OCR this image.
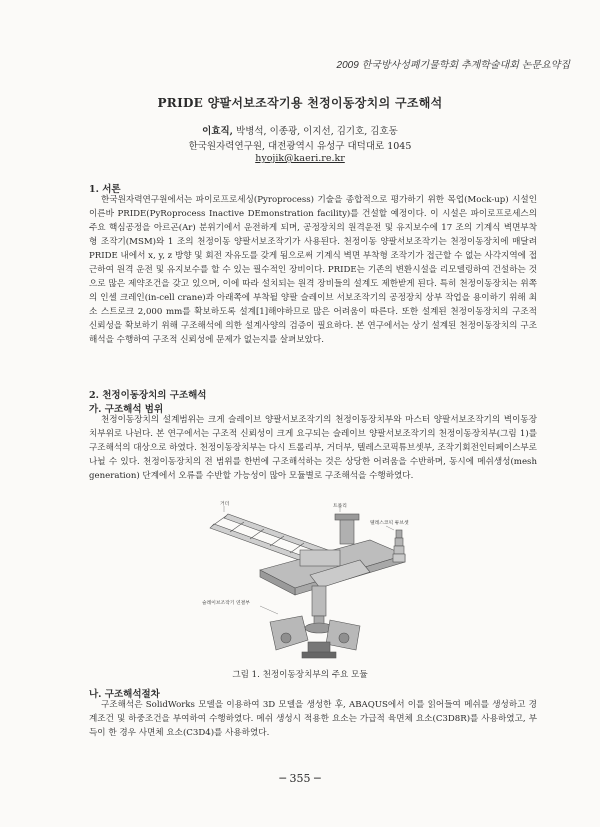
2009 한국방사성폐기물학회 추계학술대회 논문요약집
PRIDE 양팔서보조작기용 천정이동장치의 구조해석
이효직, 박병석, 이종광, 이지선, 김기호, 김호동
한국원자력연구원, 대전광역시 유성구 대덕대로 1045
hyojik@kaeri.re.kr
1. 서론

한국원자력연구원에서는 파이로프로세싱(Pyroprocess) 기술을 종합적으로 평가하기 위한 목업(Mock-up) 시설인 이른바 PRIDE(PyRoprocess Inactive DEmonstration facility)를 건설할 예정이다. 이 시설은 파이로프로세스의 주요 핵심공정을 아르곤(Ar) 분위기에서 운전하게 되며, 공정장치의 원격운전 및 유지보수에 17 조의 기계식 벽면부착형 조작기(MSM)와 1 조의 천정이동 양팔서보조작기가 사용된다. 천정이동 양팔서보조작기는 천정이동장치에 매달려 PRIDE 내에서 x, y, z 방향 및 회전 자유도를 갖게 됨으로써 기계식 벽면 부착형 조작기가 접근할 수 없는 사각지역에 접근하여 원격 운전 및 유지보수를 할 수 있는 필수적인 장비이다. PRIDE는 기존의 변환시설을 리모델링하여 건설하는 것으로 많은 제약조건을 갖고 있으며, 이에 따라 설치되는 원격 장비들의 설계도 제한받게 된다. 특히 천정이동장치는 위쪽의 인셀 크레인(in-cell crane)과 아래쪽에 부착될 양팔 슬레이브 서보조작기의 공정장치 상부 작업을 용이하기 위해 최소 스트로크 2,000 mm를 확보하도록 설계[1]해야하므로 많은 어려움이 따른다. 또한 설계된 천정이동장치의 구조적 신뢰성을 확보하기 위해 구조해석에 의한 설계사양의 검증이 필요하다. 본 연구에서는 상기 설계된 천정이동장치의 구조해석을 수행하여 구조적 신뢰성에 문제가 없는지를 살펴보았다.

2. 천정이동장치의 구조해석
가. 구조해석 범위

천정이동장치의 설계범위는 크게 슬레이브 양팔서보조작기의 천정이동장치부와 마스터 양팔서보조작기의 벽이동장치부위로 나뉜다. 본 연구에서는 구조적 신뢰성이 크게 요구되는 슬레이브 양팔서보조작기의 천정이동장치부(그림 1)를 구조해석의 대상으로 하였다. 천정이동장치부는 다시 트롤리부, 거더부, 텔레스코픽튜브셋부, 조작기회전인터페이스부로 나뉠 수 있다. 천정이동장치의 전 범위를 한번에 구조해석하는 것은 상당한 어려움을 수반하며, 동시에 메쉬생성(mesh generation) 단계에서 오류를 수반할 가능성이 많아 모듈별로 구조해석을 수행하였다.

거더	트롤리
텔레스코픽 튜브셋
슬레이브조작기 연결부
그림 1. 천정이동장치부의 주요 모듈
나. 구조해석절차

구조해석은 SolidWorks 모델을 이용하여 3D 모델을 생성한 후, ABAQUS에서 이를 읽어들여 메쉬를 생성하고 경계조건 및 하중조건을 부여하여 수행하였다. 메쉬 생성시 적용한 요소는 가급적 육면체 요소(C3D8R)를 사용하였고, 부득이 한 경우 사면체 요소(C3D4)를 사용하였다.

─ 355 ─
